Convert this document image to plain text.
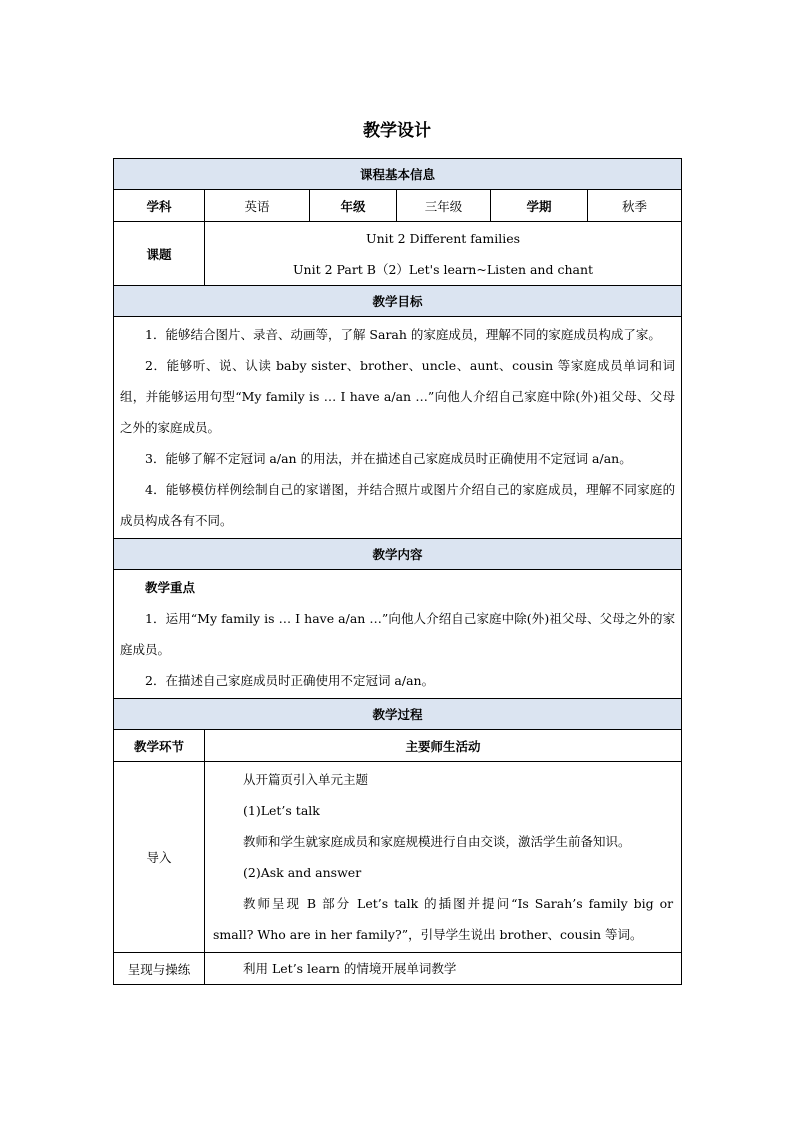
教学设计
课程基本信息					
学科	英语	年级	三年级	学期	秋季
课题	Unit 2 Different families

Unit 2 Part B（2）Let's learn~Listen and chant				

教学目标					

1．能够结合图片、录音、动画等，了解 Sarah 的家庭成员，理解不同的家庭成员构成了家。
2．能够听、说、认读 baby sister、brother、uncle、aunt、cousin 等家庭成员单词和词组，并能够运用句型“My family is … I have a/an …”向他人介绍自己家庭中除(外)祖父母、父母之外的家庭成员。
3．能够了解不定冠词 a/an 的用法，并在描述自己家庭成员时正确使用不定冠词 a/an。
4．能够模仿样例绘制自己的家谱图，并结合照片或图片介绍自己的家庭成员，理解不同家庭的成员构成各有不同。					

教学内容					

教学重点
1．运用“My family is … I have a/an …”向他人介绍自己家庭中除(外)祖父母、父母之外的家庭成员。
2．在描述自己家庭成员时正确使用不定冠词 a/an。					

教学过程					
教学环节	主要师生活动				
导入	从开篇页引入单元主题

(1)Let’s talk

教师和学生就家庭成员和家庭规模进行自由交谈，激活学生前备知识。

(2)Ask and answer

教师呈现 B 部分 Let’s talk 的插图并提问“Is Sarah’s family big or small? Who are in her family?”，引导学生说出 brother、cousin 等词。				

呈现与操练	利用 Let’s learn 的情境开展单词教学				
